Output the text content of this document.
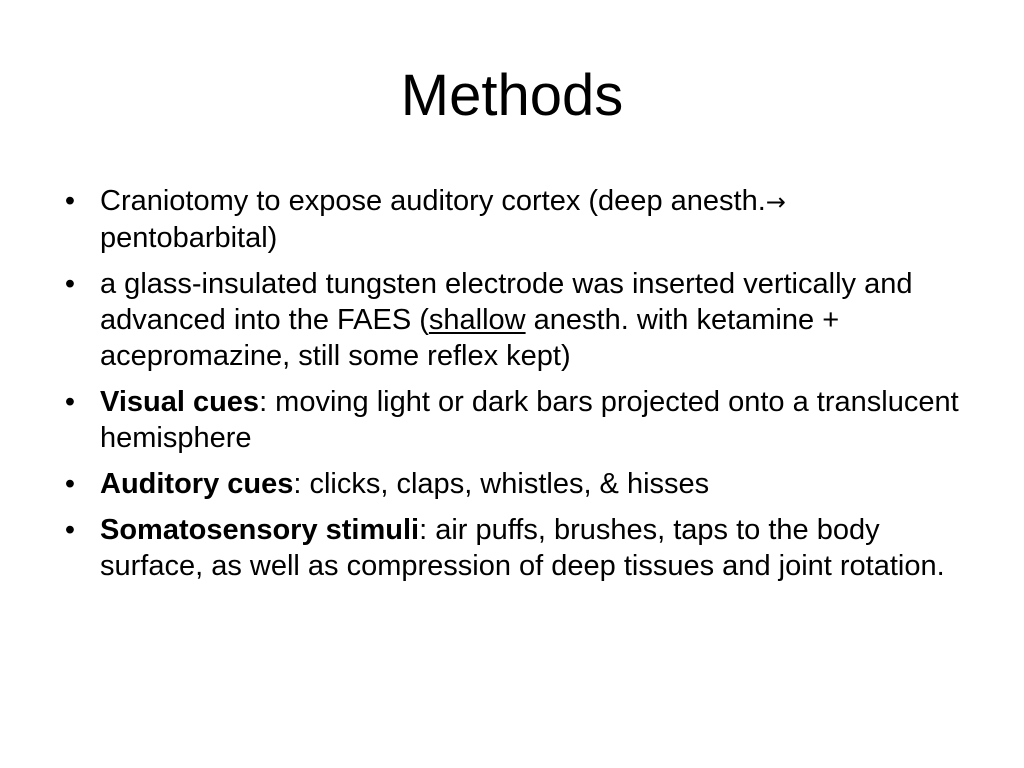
Methods
• Craniotomy to expose auditory cortex (deep anesth.→ pentobarbital)
• a glass-insulated tungsten electrode was inserted vertically and advanced into the FAES (shallow anesth. with ketamine + acepromazine, still some reflex kept)
• Visual cues: moving light or dark bars projected onto a translucent hemisphere
• Auditory cues: clicks, claps, whistles, & hisses
• Somatosensory stimuli: air puffs, brushes, taps to the body surface, as well as compression of deep tissues and joint rotation.
